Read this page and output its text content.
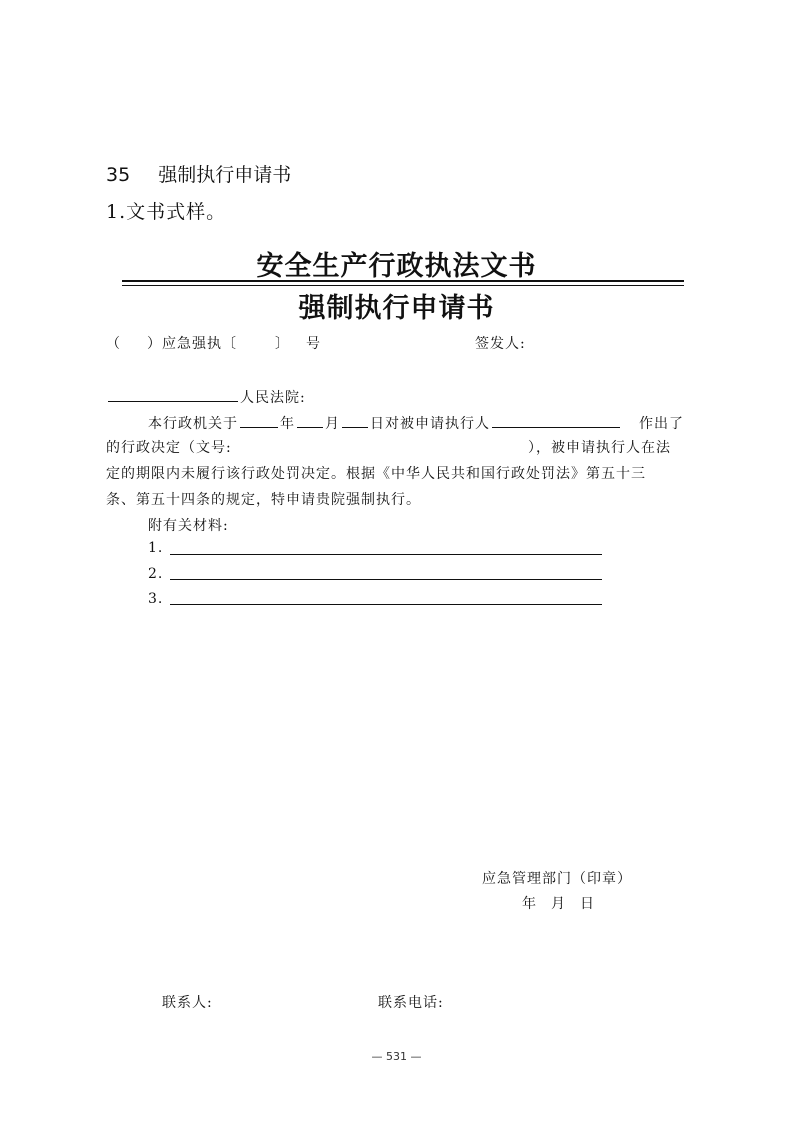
35 强制执行申请书
1.文书式样。
安全生产行政执法文书
强制执行申请书
（ ）应急强执〔	〕 号	签发人:
人民法院:
本行政机关于	年 月 日对被申请执行人	作出了
的行政决定（文号:	），被申请执行人在法
定的期限内未履行该行政处罚决定。根据《中华人民共和国行政处罚法》第五十三
条、第五十四条的规定，特申请贵院强制执行。
附有关材料:
1.
2.
3.
应急管理部门（印章）
年 月 日
联系人:	联系电话:
— 531 —
